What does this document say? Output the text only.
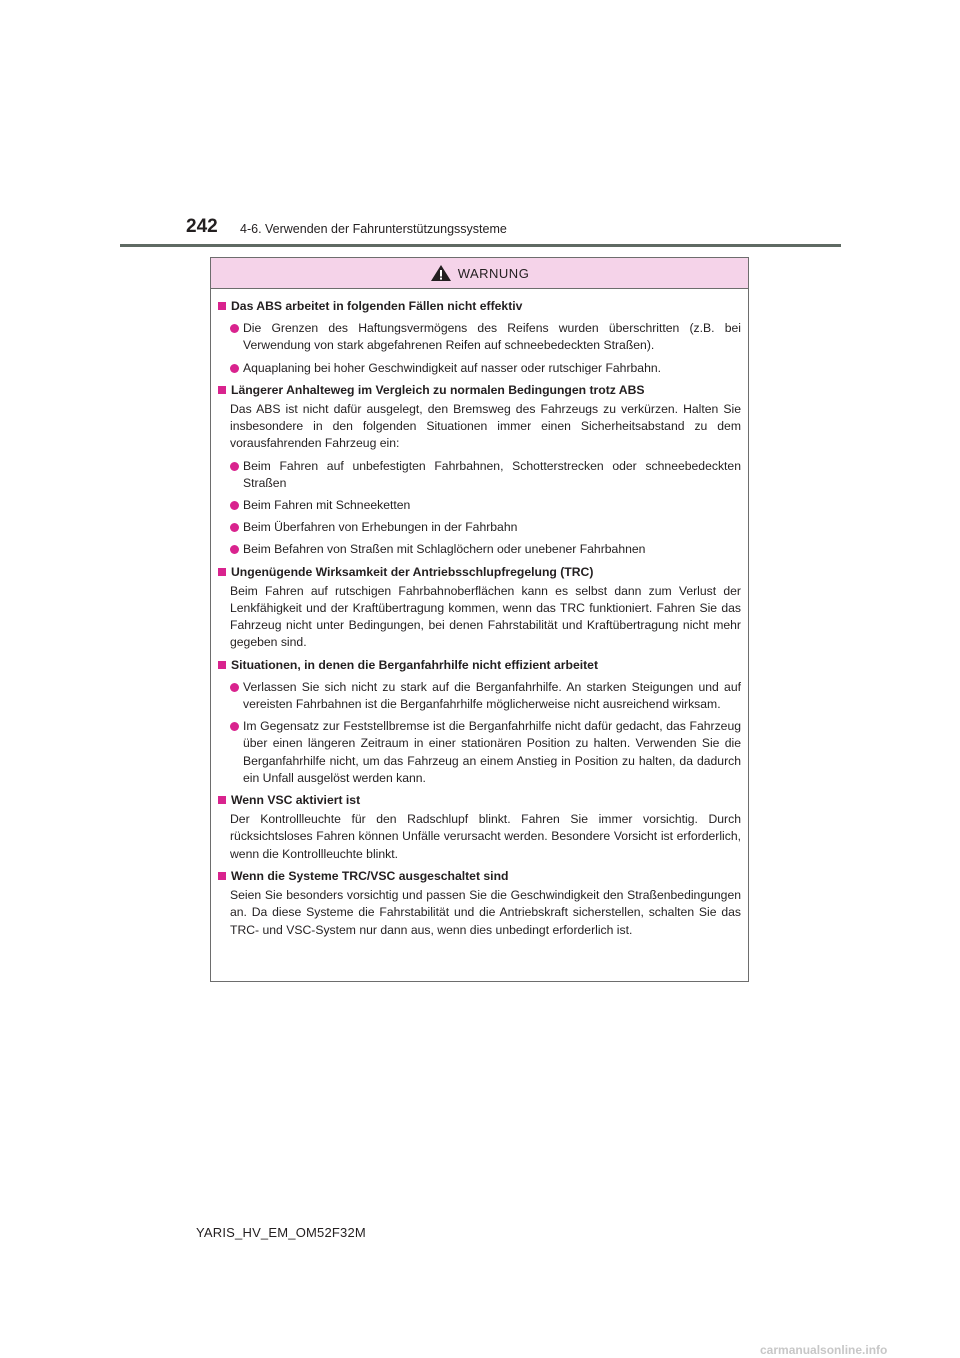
242 4-6. Verwenden der Fahrunterstützungssysteme
WARNUNG
Das ABS arbeitet in folgenden Fällen nicht effektiv
Die Grenzen des Haftungsvermögens des Reifens wurden überschritten (z.B. bei Verwendung von stark abgefahrenen Reifen auf schneebedeckten Straßen).
Aquaplaning bei hoher Geschwindigkeit auf nasser oder rutschiger Fahrbahn.
Längerer Anhalteweg im Vergleich zu normalen Bedingungen trotz ABS
Das ABS ist nicht dafür ausgelegt, den Bremsweg des Fahrzeugs zu verkürzen. Halten Sie insbesondere in den folgenden Situationen immer einen Sicherheitsabstand zu dem vorausfahrenden Fahrzeug ein:
Beim Fahren auf unbefestigten Fahrbahnen, Schotterstrecken oder schneebedeckten Straßen
Beim Fahren mit Schneeketten
Beim Überfahren von Erhebungen in der Fahrbahn
Beim Befahren von Straßen mit Schlaglöchern oder unebener Fahrbahnen
Ungenügende Wirksamkeit der Antriebsschlupfregelung (TRC)
Beim Fahren auf rutschigen Fahrbahnoberflächen kann es selbst dann zum Verlust der Lenkfähigkeit und der Kraftübertragung kommen, wenn das TRC funktioniert. Fahren Sie das Fahrzeug nicht unter Bedingungen, bei denen Fahrstabilität und Kraftübertragung nicht mehr gegeben sind.
Situationen, in denen die Berganfahrhilfe nicht effizient arbeitet
Verlassen Sie sich nicht zu stark auf die Berganfahrhilfe. An starken Steigungen und auf vereisten Fahrbahnen ist die Berganfahrhilfe möglicherweise nicht ausreichend wirksam.
Im Gegensatz zur Feststellbremse ist die Berganfahrhilfe nicht dafür gedacht, das Fahrzeug über einen längeren Zeitraum in einer stationären Position zu halten. Verwenden Sie die Berganfahrhilfe nicht, um das Fahrzeug an einem Anstieg in Position zu halten, da dadurch ein Unfall ausgelöst werden kann.
Wenn VSC aktiviert ist
Der Kontrollleuchte für den Radschlupf blinkt. Fahren Sie immer vorsichtig. Durch rücksichtsloses Fahren können Unfälle verursacht werden. Besondere Vorsicht ist erforderlich, wenn die Kontrollleuchte blinkt.
Wenn die Systeme TRC/VSC ausgeschaltet sind
Seien Sie besonders vorsichtig und passen Sie die Geschwindigkeit den Straßenbedingungen an. Da diese Systeme die Fahrstabilität und die Antriebskraft sicherstellen, schalten Sie das TRC- und VSC-System nur dann aus, wenn dies unbedingt erforderlich ist.
YARIS_HV_EM_OM52F32M
carmanualsonline.info
